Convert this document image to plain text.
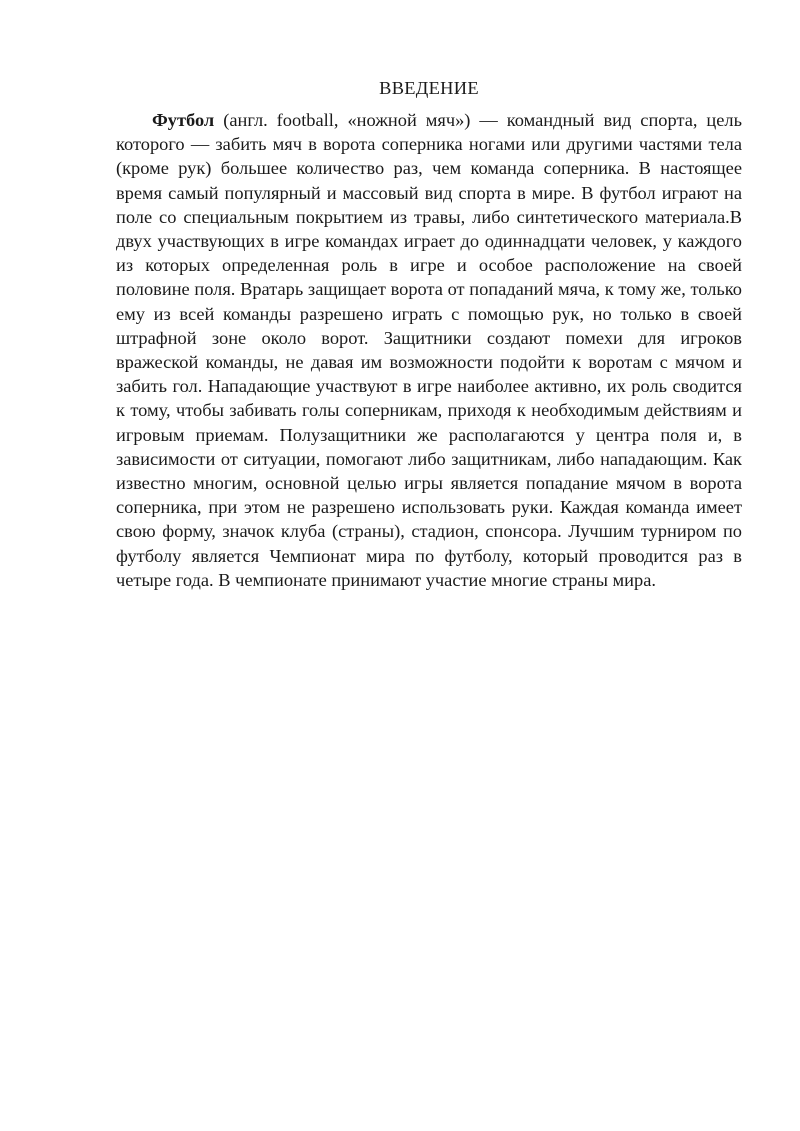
ВВЕДЕНИЕ

Футбол (англ. football, «ножной мяч») — командный вид спорта, цель которого — забить мяч в ворота соперника ногами или другими частями тела (кроме рук) большее количество раз, чем команда соперника. В настоящее время самый популярный и массовый вид спорта в мире. В футбол играют на поле со специальным покрытием из травы, либо синтетического материала.В двух участвующих в игре командах играет до одиннадцати человек, у каждого из которых определенная роль в игре и особое расположение на своей половине поля. Вратарь защищает ворота от попаданий мяча, к тому же, только ему из всей команды разрешено играть с помощью рук, но только в своей штрафной зоне около ворот. Защитники создают помехи для игроков вражеской команды, не давая им возможности подойти к воротам с мячом и забить гол. Нападающие участвуют в игре наиболее активно, их роль сводится к тому, чтобы забивать голы соперникам, приходя к необходимым действиям и игровым приемам. Полузащитники же располагаются у центра поля и, в зависимости от ситуации, помогают либо защитникам, либо нападающим. Как известно многим, основной целью игры является попадание мячом в ворота соперника, при этом не разрешено использовать руки. Каждая команда имеет свою форму, значок клуба (страны), стадион, спонсора. Лучшим турниром по футболу является Чемпионат мира по футболу, который проводится раз в четыре года. В чемпионате принимают участие многие страны мира.
